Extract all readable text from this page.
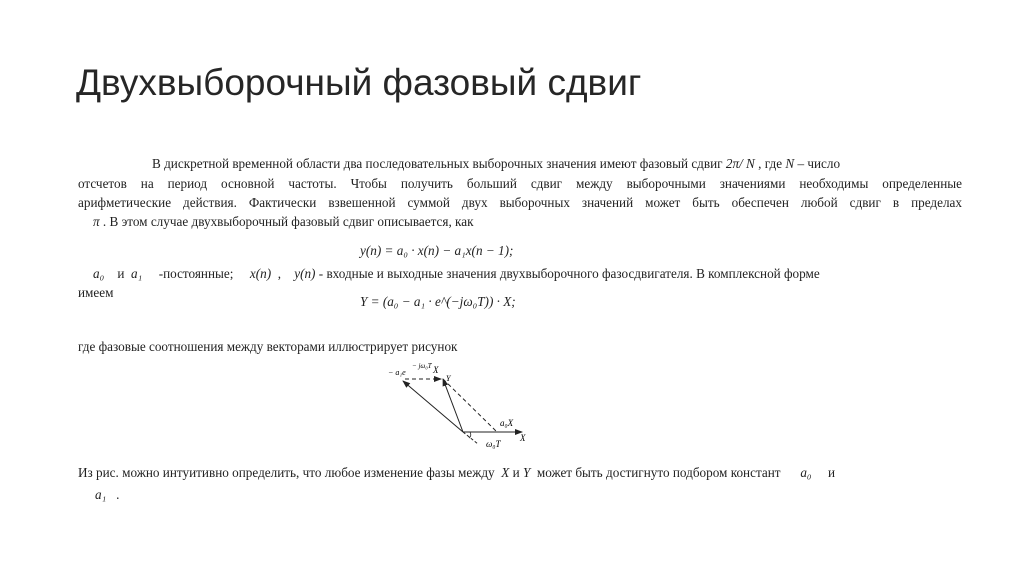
Двухвыборочный фазовый сдвиг
В дискретной временной области два последовательных выборочных значения имеют фазовый сдвиг 2π/ N , где N – число
отсчетов на период основной частоты. Чтобы получить больший сдвиг между выборочными значениями необходимы определенные
арифметические действия. Фактически взвешенной суммой двух выборочных значений может быть обеспечен любой сдвиг в пределах
π . В этом случае двухвыборочный фазовый сдвиг описывается, как
y(n) = a₀ · x(n) − a₁x(n − 1);
a₀ и a₁ -постоянные; x(n) , y(n) - входные и выходные значения двухвыборочного фазосдвигателя. В комплексной форме
имеем
Y = (a₀ − a₁ · e^(−jω₀T)) · X;
где фазовые соотношения между векторами иллюстрирует рисунок
− a₁e
− jω₀T X
Y
a₀X
X
ω₀T
Из рис. можно интуитивно определить, что любое изменение фазы между X и Y может быть достигнуто подбором констант a₀ и
a₁ .
